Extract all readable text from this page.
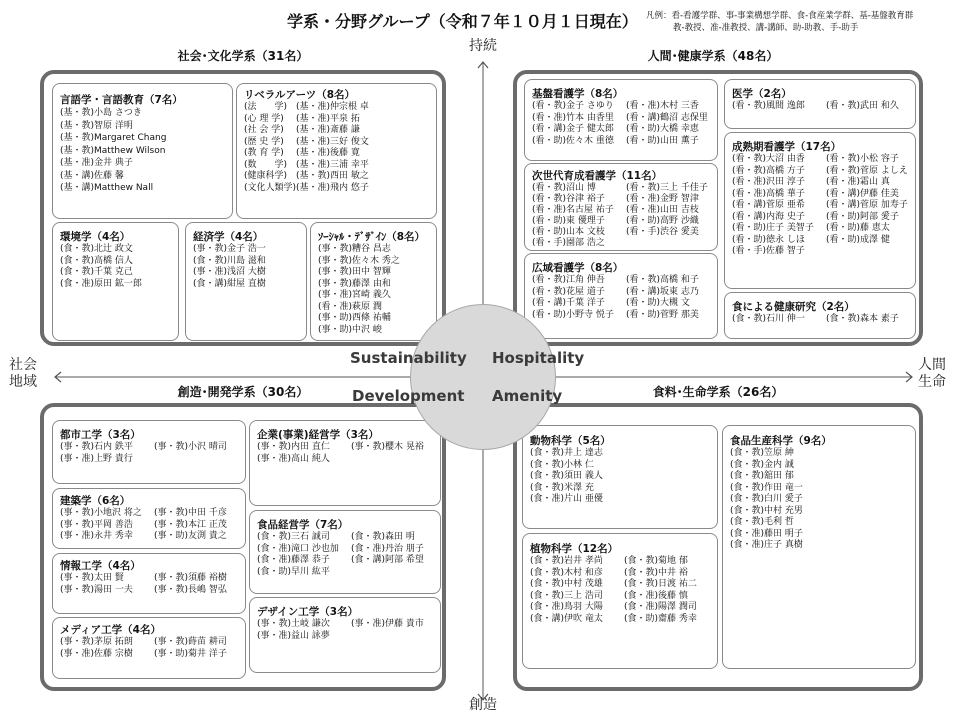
学系・分野グループ（令和７年１０月１日現在） 凡例：看-看護学群、事-事業構想学群、食-食産業学群、基-基盤教育群
教-教授、准-准教授、講-講師、助-助教、手-助手
持続
創造
社会
地域
人間
生命
社会･文化学系（31名）	人間･健康学系（48名）
創造･開発学系（30名）	食料･生命学系（26名）
言語学・言語教育（7名）
(基・教)小島 さつき
(基・教)智原 洋明
(基・教)Margaret Chang
(基・教)Matthew Wilson
(基・准)金井 典子
(基・講)佐藤 馨
(基・講)Matthew Nall
リベラルアーツ（8名）
(法　　学) (基・准)仲宗根 卓
(心 理 学) (基・准)平泉 拓
(社 会 学) (基・准)斎藤 謙
(歴 史 学) (基・准)三好 俊文
(教 育 学) (基・准)後藤 寛
(数　　学) (基・准)三浦 幸平
(健康科学) (基・教)西田 敏之
(文化人類学)(基・准)飛内 悠子
環境学（4名）
(食・教)北辻 政文
(食・教)高橋 信人
(食・教)千葉 克己
(食・准)原田 鉱一郎
経済学（4名）
(事・教)金子 浩一
(食・教)川島 滋和
(事・准)浅沼 大樹
(食・講)紺屋 直樹
ｿｰｼｬﾙ・ﾃﾞｻﾞｲﾝ（8名）
(事・教)糟谷 昌志
(事・教)佐々木 秀之
(事・教)田中 智輝
(事・教)藤澤 由和
(事・准)宮崎 義久
(看・准)萩原 潤
(事・助)西條 祐輔
(事・助)中沢 峻
基盤看護学（8名）
(看・教)金子 さゆり	(看・准)木村 三香
(看・准)竹本 由香里	(看・講)鶴沼 志保里
(看・講)金子 健太郎	(看・助)大橋 幸恵
(看・助)佐々木 重徳	(看・助)山田 薫子
医学（2名）
(看・教)風間 逸郎	(看・教)武田 和久
次世代育成看護学（11名）
(看・教)沼山 博	(看・教)三上 千佳子
(看・教)谷津 裕子	(看・准)金野 智津
(看・准)名古屋 祐子	(看・准)山田 吉枝
(看・助)東 優理子	(看・助)高野 沙織
(看・助)山本 文枝	(看・手)渋谷 愛美
(看・手)園部 浩之
成熟期看護学（17名）
(看・教)大沼 由香	(看・教)小松 容子
(看・教)高橋 方子	(看・教)菅原 よしえ
(看・准)沢田 淳子	(看・准)霜山 真
(看・准)高橋 華子	(看・講)伊藤 佳美
(看・講)菅原 亜希	(看・講)菅原 加寿子
(看・講)内海 史子	(看・助)阿部 愛子
(看・助)庄子 美智子	(看・助)藤 恵太
(看・助)徳永 しほ	(看・助)成澤 健
(看・手)佐藤 智子
広域看護学（8名）
(看・教)江角 伸吾	(看・教)高橋 和子
(看・教)花屋 道子	(看・講)坂東 志乃
(看・講)千葉 洋子	(看・助)大槻 文
(看・助)小野寺 悦子	(看・助)菅野 那美
食による健康研究（2名）
(食・教)石川 伸一	(食・教)森本 素子
都市工学（3名）
(事・教)石内 鉄平	(事・教)小沢 晴司
(事・准)上野 貴行
企業(事業)経営学（3名）
(事・教)内田 直仁	(事・教)櫻木 晃裕
(事・准)高山 純人
建築学（6名）
(事・教)小地沢 将之	(事・教)中田 千彦
(事・教)平岡 善浩	(事・教)本江 正茂
(事・准)永井 秀幸	(事・助)友渕 貴之
食品経営学（7名）
(食・教)三石 誠司	(食・教)森田 明
(食・准)滝口 沙也加	(食・准)丹治 朋子
(食・准)藤澤 恭子	(食・講)阿部 希望
(食・助)早川 紘平
情報工学（4名）
(事・教)太田 賢	(事・教)須藤 裕樹
(事・教)湯田 一夫	(事・教)長嶋 智弘
デザイン工学（3名）
(事・教)土岐 謙次	(事・准)伊藤 貴市
(事・准)益山 詠夢
メディア工学（4名）
(事・教)茅原 拓朗	(事・教)蒔苗 耕司
(事・准)佐藤 宗樹	(事・助)菊井 洋子
動物科学（5名）
(食・教)井上 達志
(食・教)小林 仁
(食・教)須田 義人
(食・教)米澤 充
(食・准)片山 亜優
食品生産科学（9名）
(食・教)笠原 紳
(食・教)金内 誠
(食・教)舘田 郁
(食・教)作田 竜一
(食・教)白川 愛子
(食・教)中村 充男
(食・教)毛利 哲
(食・准)藤田 明子
(食・准)庄子 真樹
植物科学（12名）
(食・教)岩井 孝尚	(食・教)菊地 郁
(食・教)木村 和彦	(食・教)中井 裕
(食・教)中村 茂雄	(食・教)日渡 祐二
(食・教)三上 浩司	(食・准)後藤 慎
(食・准)鳥羽 大陽	(食・准)陽澤 潤司
(食・講)伊吹 竜太	(食・助)齋藤 秀幸
Sustainability Hospitality
Development Amenity
